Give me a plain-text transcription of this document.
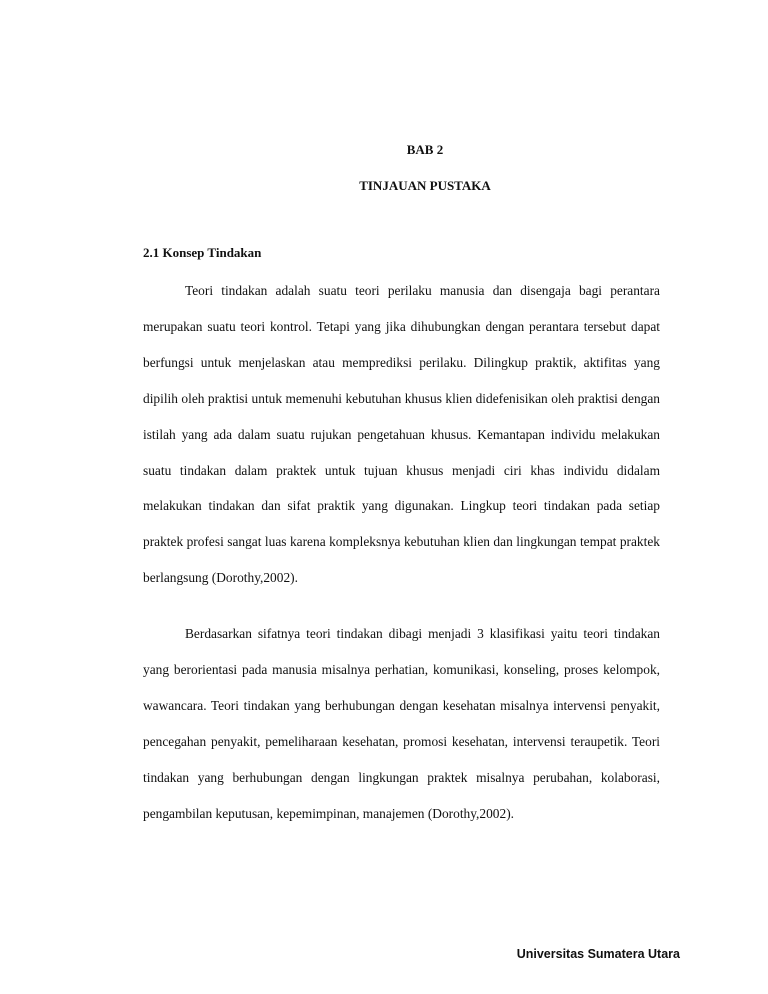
BAB 2
TINJAUAN PUSTAKA
2.1 Konsep Tindakan

Teori tindakan adalah suatu teori perilaku manusia dan disengaja bagi perantara merupakan suatu teori kontrol. Tetapi yang jika dihubungkan dengan perantara tersebut dapat berfungsi untuk menjelaskan atau memprediksi perilaku. Dilingkup praktik, aktifitas yang dipilih oleh praktisi untuk memenuhi kebutuhan khusus klien didefenisikan oleh praktisi dengan istilah yang ada dalam suatu rujukan pengetahuan khusus. Kemantapan individu melakukan suatu tindakan dalam praktek untuk tujuan khusus menjadi ciri khas individu didalam melakukan tindakan dan sifat praktik yang digunakan. Lingkup teori tindakan pada setiap praktek profesi sangat luas karena kompleksnya kebutuhan klien dan lingkungan tempat praktek berlangsung (Dorothy,2002).

Berdasarkan sifatnya teori tindakan dibagi menjadi 3 klasifikasi yaitu teori tindakan yang berorientasi pada manusia misalnya perhatian, komunikasi, konseling, proses kelompok, wawancara. Teori tindakan yang berhubungan dengan kesehatan misalnya intervensi penyakit, pencegahan penyakit, pemeliharaan kesehatan, promosi kesehatan, intervensi teraupetik. Teori tindakan yang berhubungan dengan lingkungan praktek misalnya perubahan, kolaborasi, pengambilan keputusan, kepemimpinan, manajemen (Dorothy,2002).

Universitas Sumatera Utara
